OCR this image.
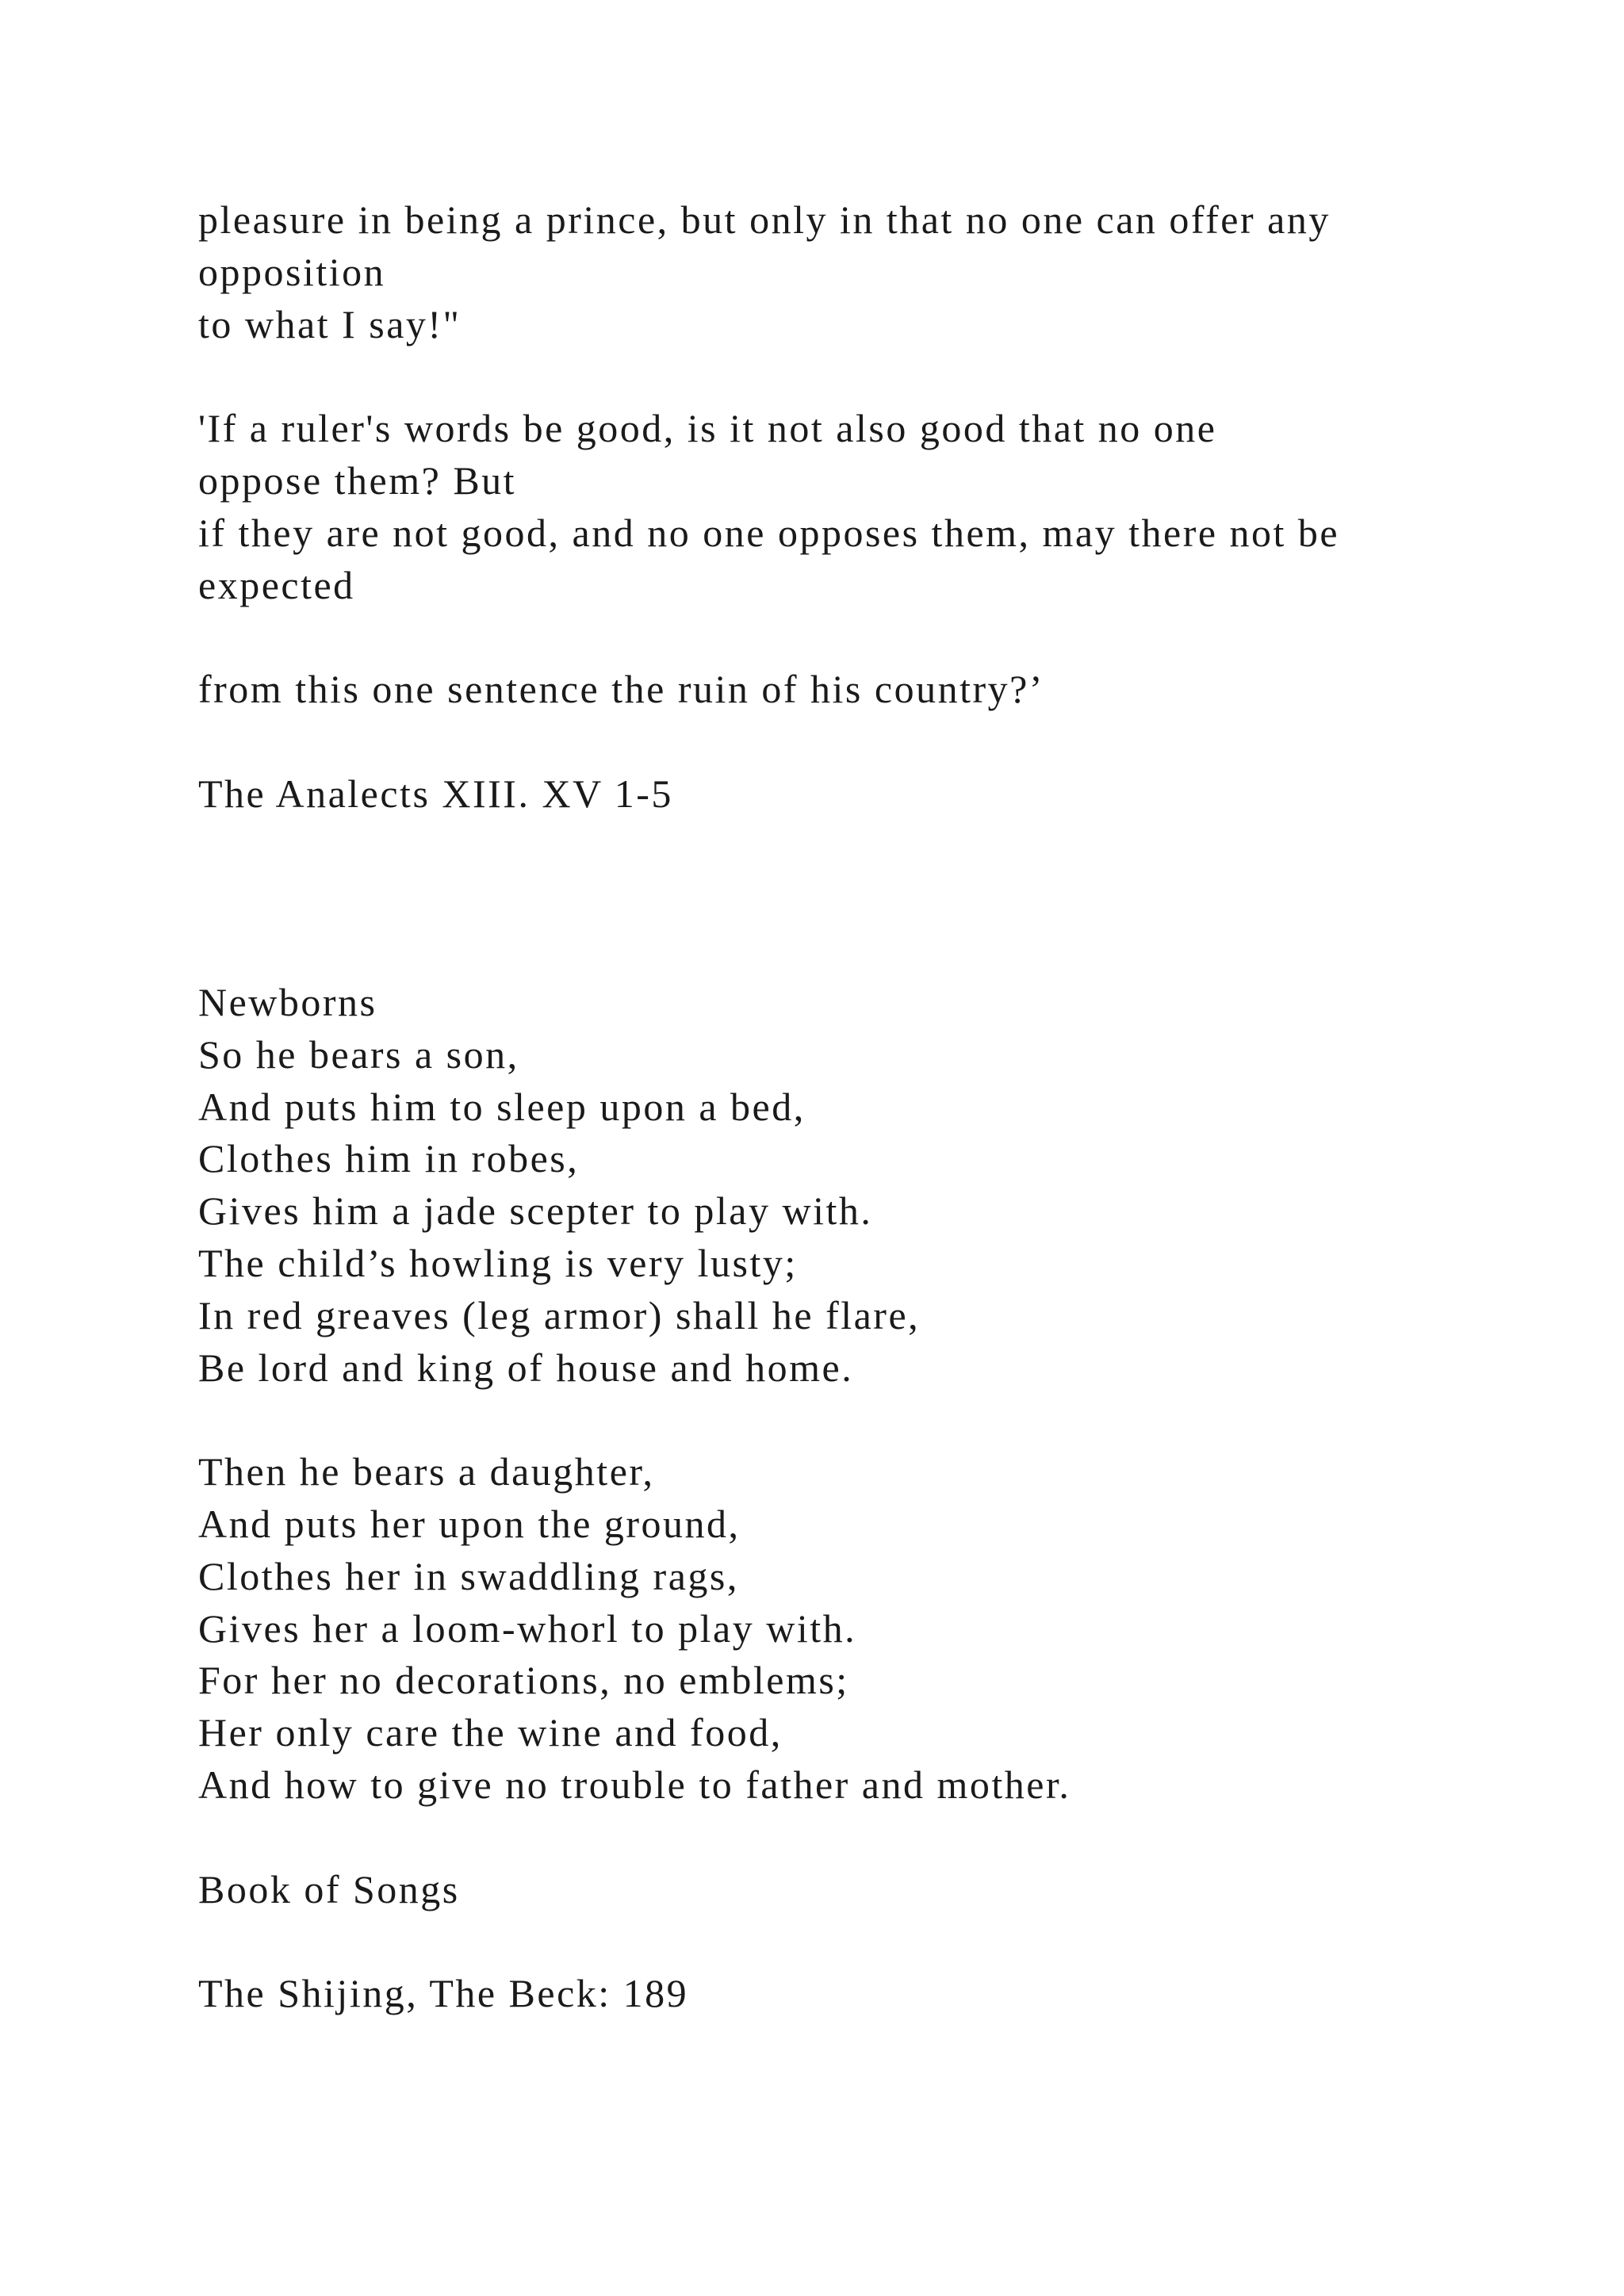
pleasure in being a prince, but only in that no one can offer any
opposition
to what I say!"
'If a ruler's words be good, is it not also good that no one
oppose them? But
if they are not good, and no one opposes them, may there not be
expected
from this one sentence the ruin of his country?’
The Analects XIII. XV 1-5
Newborns
So he bears a son,
And puts him to sleep upon a bed,
Clothes him in robes,
Gives him a jade scepter to play with.
The child’s howling is very lusty;
In red greaves (leg armor) shall he flare,
Be lord and king of house and home.
Then he bears a daughter,
And puts her upon the ground,
Clothes her in swaddling rags,
Gives her a loom-whorl to play with.
For her no decorations, no emblems;
Her only care the wine and food,
And how to give no trouble to father and mother.
Book of Songs
The Shijing, The Beck: 189
